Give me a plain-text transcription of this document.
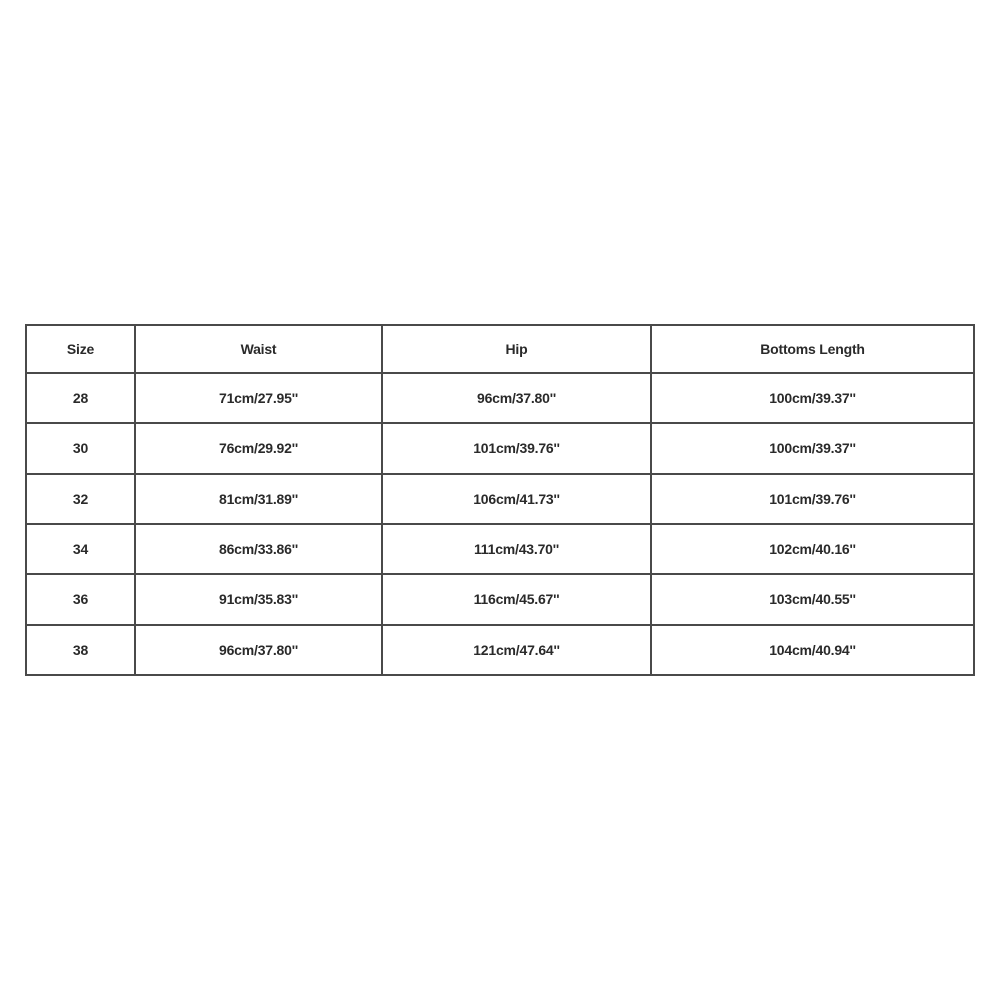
Size	Waist	Hip	Bottoms Length
28	71cm/27.95''	96cm/37.80''	100cm/39.37''
30	76cm/29.92''	101cm/39.76''	100cm/39.37''
32	81cm/31.89''	106cm/41.73''	101cm/39.76''
34	86cm/33.86''	111cm/43.70''	102cm/40.16''
36	91cm/35.83''	116cm/45.67''	103cm/40.55''
38	96cm/37.80''	121cm/47.64''	104cm/40.94''
